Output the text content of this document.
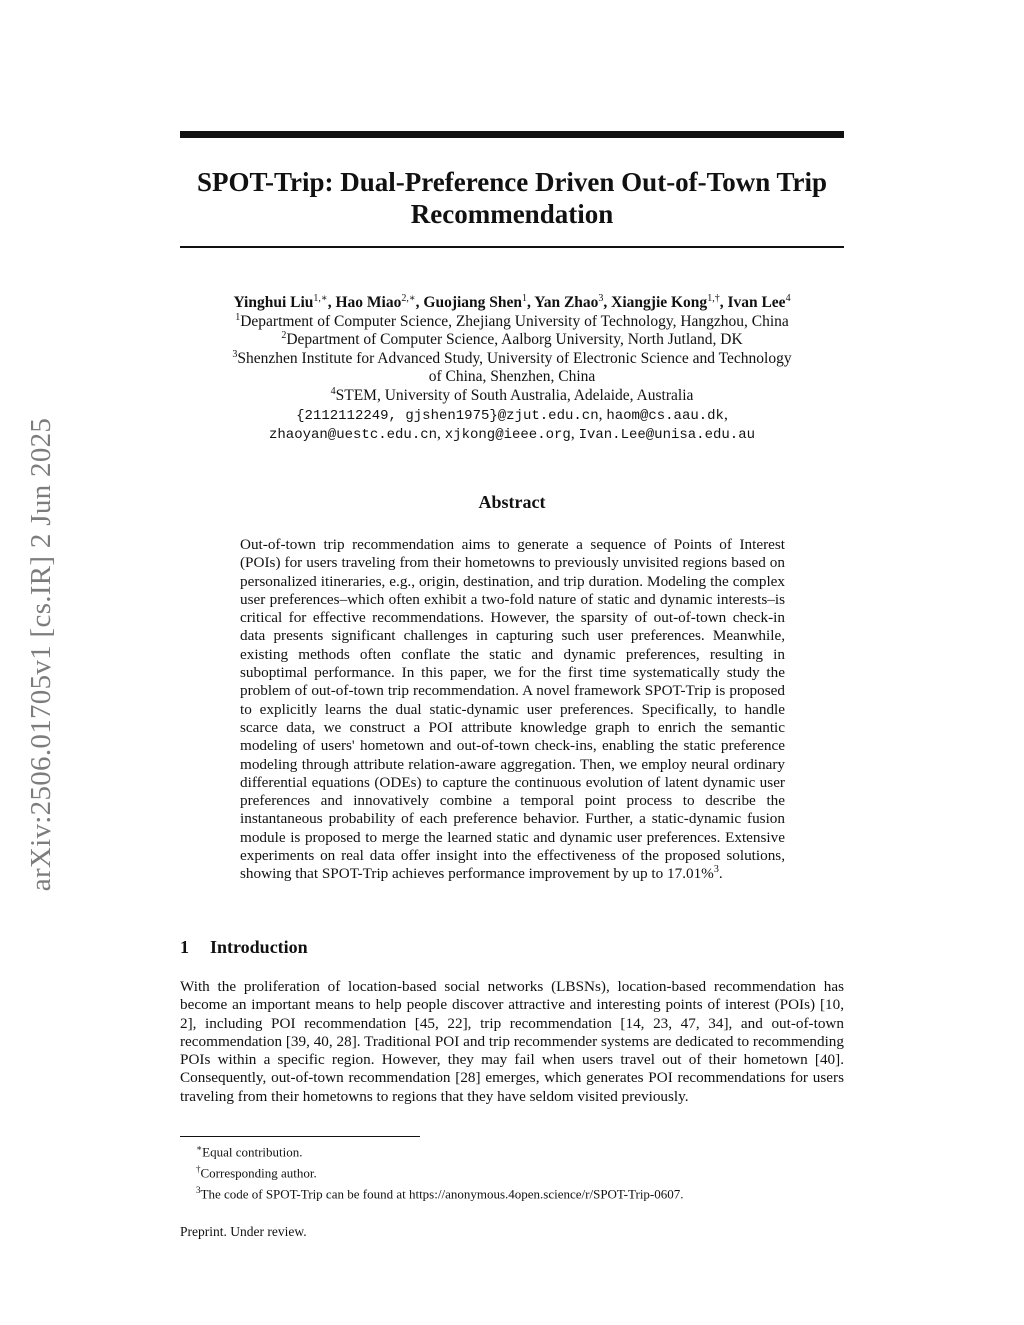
arXiv:2506.01705v1 [cs.IR] 2 Jun 2025
SPOT-Trip: Dual-Preference Driven Out-of-Town Trip Recommendation
Yinghui Liu$^{1,∗}$, Hao Miao$^{2,∗}$, Guojiang Shen$^1$, Yan Zhao$^3$, Xiangjie Kong$^{1,\dagger}$, Ivan Lee$^4$
$^1$Department of Computer Science, Zhejiang University of Technology, Hangzhou, China
$^2$Department of Computer Science, Aalborg University, North Jutland, DK
$^3$Shenzhen Institute for Advanced Study, University of Electronic Science and Technology
of China, Shenzhen, China
$^4$STEM, University of South Australia, Adelaide, Australia
{2112112249, gjshen1975}@zjut.edu.cn, haom@cs.aau.dk,
zhaoyan@uestc.edu.cn, xjkong@ieee.org, Ivan.Lee@unisa.edu.au
Abstract
Out-of-town trip recommendation aims to generate a sequence of Points of Interest (POIs) for users traveling from their hometowns to previously unvisited regions based on personalized itineraries, e.g., origin, destination, and trip duration. Modeling the complex user preferences–which often exhibit a two-fold nature of static and dynamic interests–is critical for effective recommendations. However, the sparsity of out-of-town check-in data presents significant challenges in capturing such user preferences. Meanwhile, existing methods often conflate the static and dynamic preferences, resulting in suboptimal performance. In this paper, we for the first time systematically study the problem of out-of-town trip recommendation. A novel framework SPOT-Trip is proposed to explicitly learns the dual static-dynamic user preferences. Specifically, to handle scarce data, we construct a POI attribute knowledge graph to enrich the semantic modeling of users' hometown and out-of-town check-ins, enabling the static preference modeling through attribute relation-aware aggregation. Then, we employ neural ordinary differential equations (ODEs) to capture the continuous evolution of latent dynamic user preferences and innovatively combine a temporal point process to describe the instantaneous probability of each preference behavior. Further, a static-dynamic fusion module is proposed to merge the learned static and dynamic user preferences. Extensive experiments on real data offer insight into the effectiveness of the proposed solutions, showing that SPOT-Trip achieves performance improvement by up to 17.01%$^3$.
1 Introduction
With the proliferation of location-based social networks (LBSNs), location-based recommendation has become an important means to help people discover attractive and interesting points of interest (POIs) [10, 2], including POI recommendation [45, 22], trip recommendation [14, 23, 47, 34], and out-of-town recommendation [39, 40, 28]. Traditional POI and trip recommender systems are dedicated to recommending POIs within a specific region. However, they may fail when users travel out of their hometown [40]. Consequently, out-of-town recommendation [28] emerges, which generates POI recommendations for users traveling from their hometowns to regions that they have seldom visited previously.
∗Equal contribution.
†Corresponding author.
$^3$The code of SPOT-Trip can be found at https://anonymous.4open.science/r/SPOT-Trip-0607.
Preprint. Under review.
